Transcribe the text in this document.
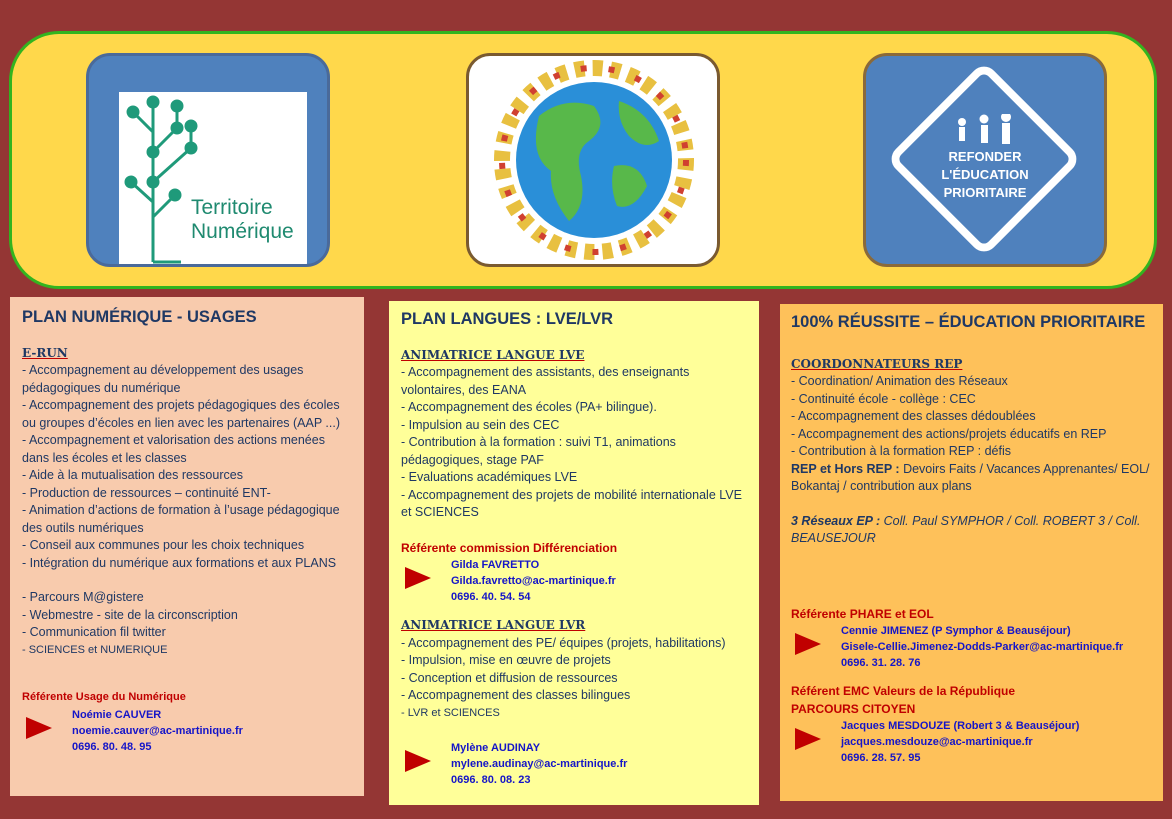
Territoire
Numérique
REFONDER
L'ÉDUCATION
PRIORITAIRE
PLAN NUMÉRIQUE - USAGES

E-RUN

- Accompagnement au développement des usages pédagogiques du numérique

- Accompagnement des projets pédagogiques des écoles ou groupes d’écoles en lien avec les partenaires (AAP ...)

- Accompagnement et valorisation des actions menées dans les écoles et les classes

- Aide à la mutualisation des ressources

- Production de ressources – continuité ENT-

- Animation d’actions de formation à l’usage pédagogique des outils numériques

- Conseil aux communes pour les choix techniques

- Intégration du numérique aux formations et aux PLANS

- Parcours M@gistere

- Webmestre - site de la circonscription

- Communication fil twitter

- SCIENCES et NUMERIQUE

Référente Usage du Numérique

Noémie CAUVER
noemie.cauver@ac-martinique.fr
0696. 80. 48. 95
PLAN LANGUES : LVE/LVR

ANIMATRICE LANGUE LVE

- Accompagnement des assistants, des enseignants volontaires, des EANA

- Accompagnement des écoles (PA+ bilingue).

- Impulsion au sein des CEC

- Contribution à la formation : suivi T1, animations pédagogiques, stage PAF

- Evaluations académiques LVE

- Accompagnement des projets de mobilité internationale LVE et SCIENCES

Référente commission Différenciation

Gilda FAVRETTO
Gilda.favretto@ac-martinique.fr
0696. 40. 54. 54

ANIMATRICE LANGUE LVR

- Accompagnement des PE/ équipes (projets, habilitations)

- Impulsion, mise en œuvre de projets

- Conception et diffusion de ressources

- Accompagnement des classes bilingues

- LVR et SCIENCES

Mylène AUDINAY
mylene.audinay@ac-martinique.fr
0696. 80. 08. 23
100% RÉUSSITE – ÉDUCATION PRIORITAIRE

COORDONNATEURS REP

- Coordination/ Animation des Réseaux

- Continuité école - collège : CEC

- Accompagnement des classes dédoublées

- Accompagnement des actions/projets éducatifs en REP

- Contribution à la formation REP : défis

REP et Hors REP : Devoirs Faits / Vacances Apprenantes/ EOL/ Bokantaj / contribution aux plans

3 Réseaux EP : Coll. Paul SYMPHOR / Coll. ROBERT 3 / Coll. BEAUSEJOUR

Référente PHARE et EOL

Cennie JIMENEZ (P Symphor & Beauséjour)
Gisele-Cellie.Jimenez-Dodds-Parker@ac-martinique.fr
0696. 31. 28. 76

Référent EMC Valeurs de la République

PARCOURS CITOYEN

Jacques MESDOUZE (Robert 3 & Beauséjour)
jacques.mesdouze@ac-martinique.fr
0696. 28. 57. 95
